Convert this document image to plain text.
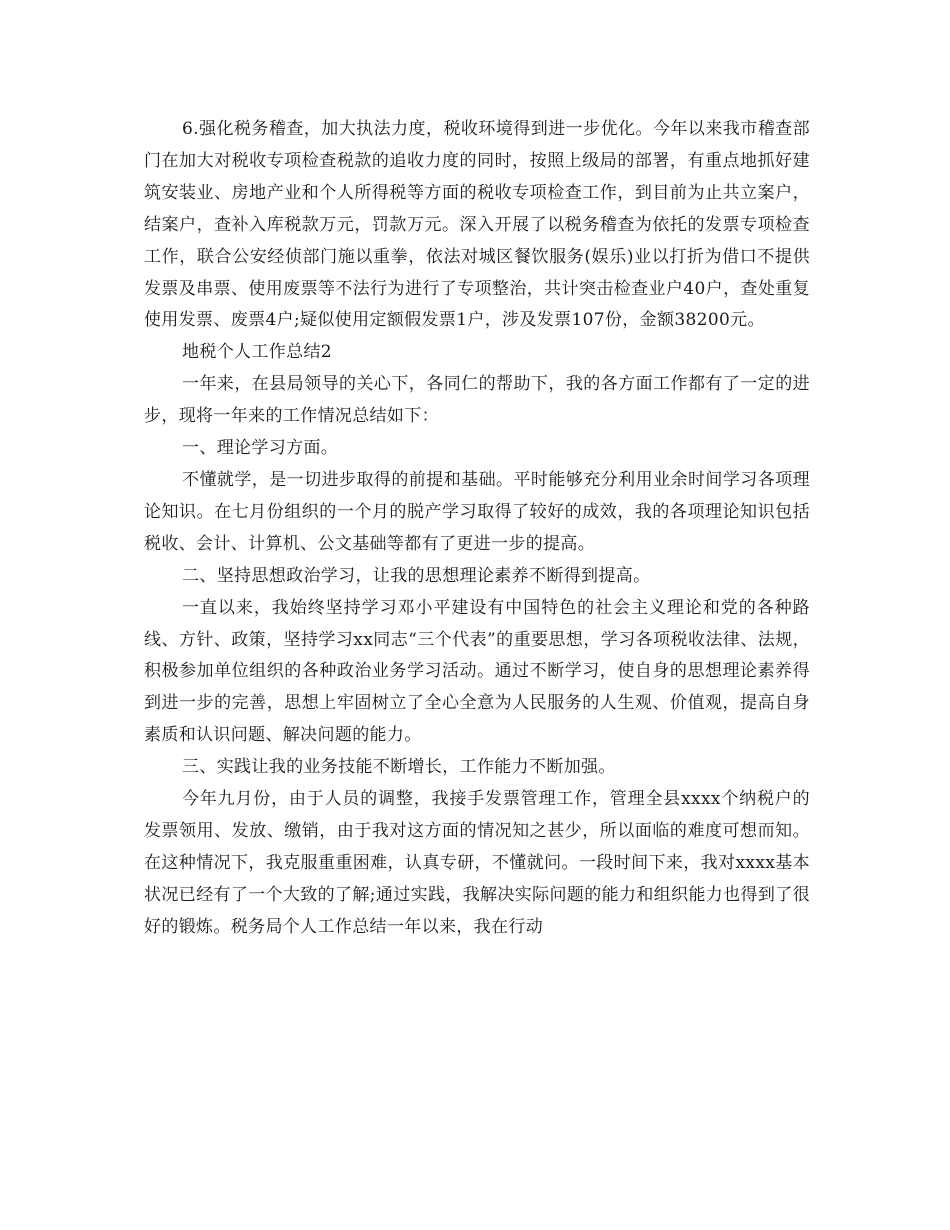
6.强化税务稽查，加大执法力度，税收环境得到进一步优化。今年以来我市稽查部门在加大对税收专项检查税款的追收力度的同时，按照上级局的部署，有重点地抓好建筑安装业、房地产业和个人所得税等方面的税收专项检查工作，到目前为止共立案户，结案户，查补入库税款万元，罚款万元。深入开展了以税务稽查为依托的发票专项检查工作，联合公安经侦部门施以重拳，依法对城区餐饮服务(娱乐)业以打折为借口不提供发票及串票、使用废票等不法行为进行了专项整治，共计突击检查业户40户，查处重复使用发票、废票4户;疑似使用定额假发票1户，涉及发票107份，金额38200元。

地税个人工作总结2

一年来，在县局领导的关心下，各同仁的帮助下，我的各方面工作都有了一定的进步，现将一年来的工作情况总结如下：

一、理论学习方面。

不懂就学，是一切进步取得的前提和基础。平时能够充分利用业余时间学习各项理论知识。在七月份组织的一个月的脱产学习取得了较好的成效，我的各项理论知识包括税收、会计、计算机、公文基础等都有了更进一步的提高。

二、坚持思想政治学习，让我的思想理论素养不断得到提高。

一直以来，我始终坚持学习邓小平建设有中国特色的社会主义理论和党的各种路线、方针、政策，坚持学习xx同志“三个代表”的重要思想，学习各项税收法律、法规，积极参加单位组织的各种政治业务学习活动。通过不断学习，使自身的思想理论素养得到进一步的完善，思想上牢固树立了全心全意为人民服务的人生观、价值观，提高自身素质和认识问题、解决问题的能力。

三、实践让我的业务技能不断增长，工作能力不断加强。

今年九月份，由于人员的调整，我接手发票管理工作，管理全县xxxx个纳税户的发票领用、发放、缴销，由于我对这方面的情况知之甚少，所以面临的难度可想而知。在这种情况下，我克服重重困难，认真专研，不懂就问。一段时间下来，我对xxxx基本状况已经有了一个大致的了解;通过实践，我解决实际问题的能力和组织能力也得到了很好的锻炼。税务局个人工作总结一年以来，我在行动
